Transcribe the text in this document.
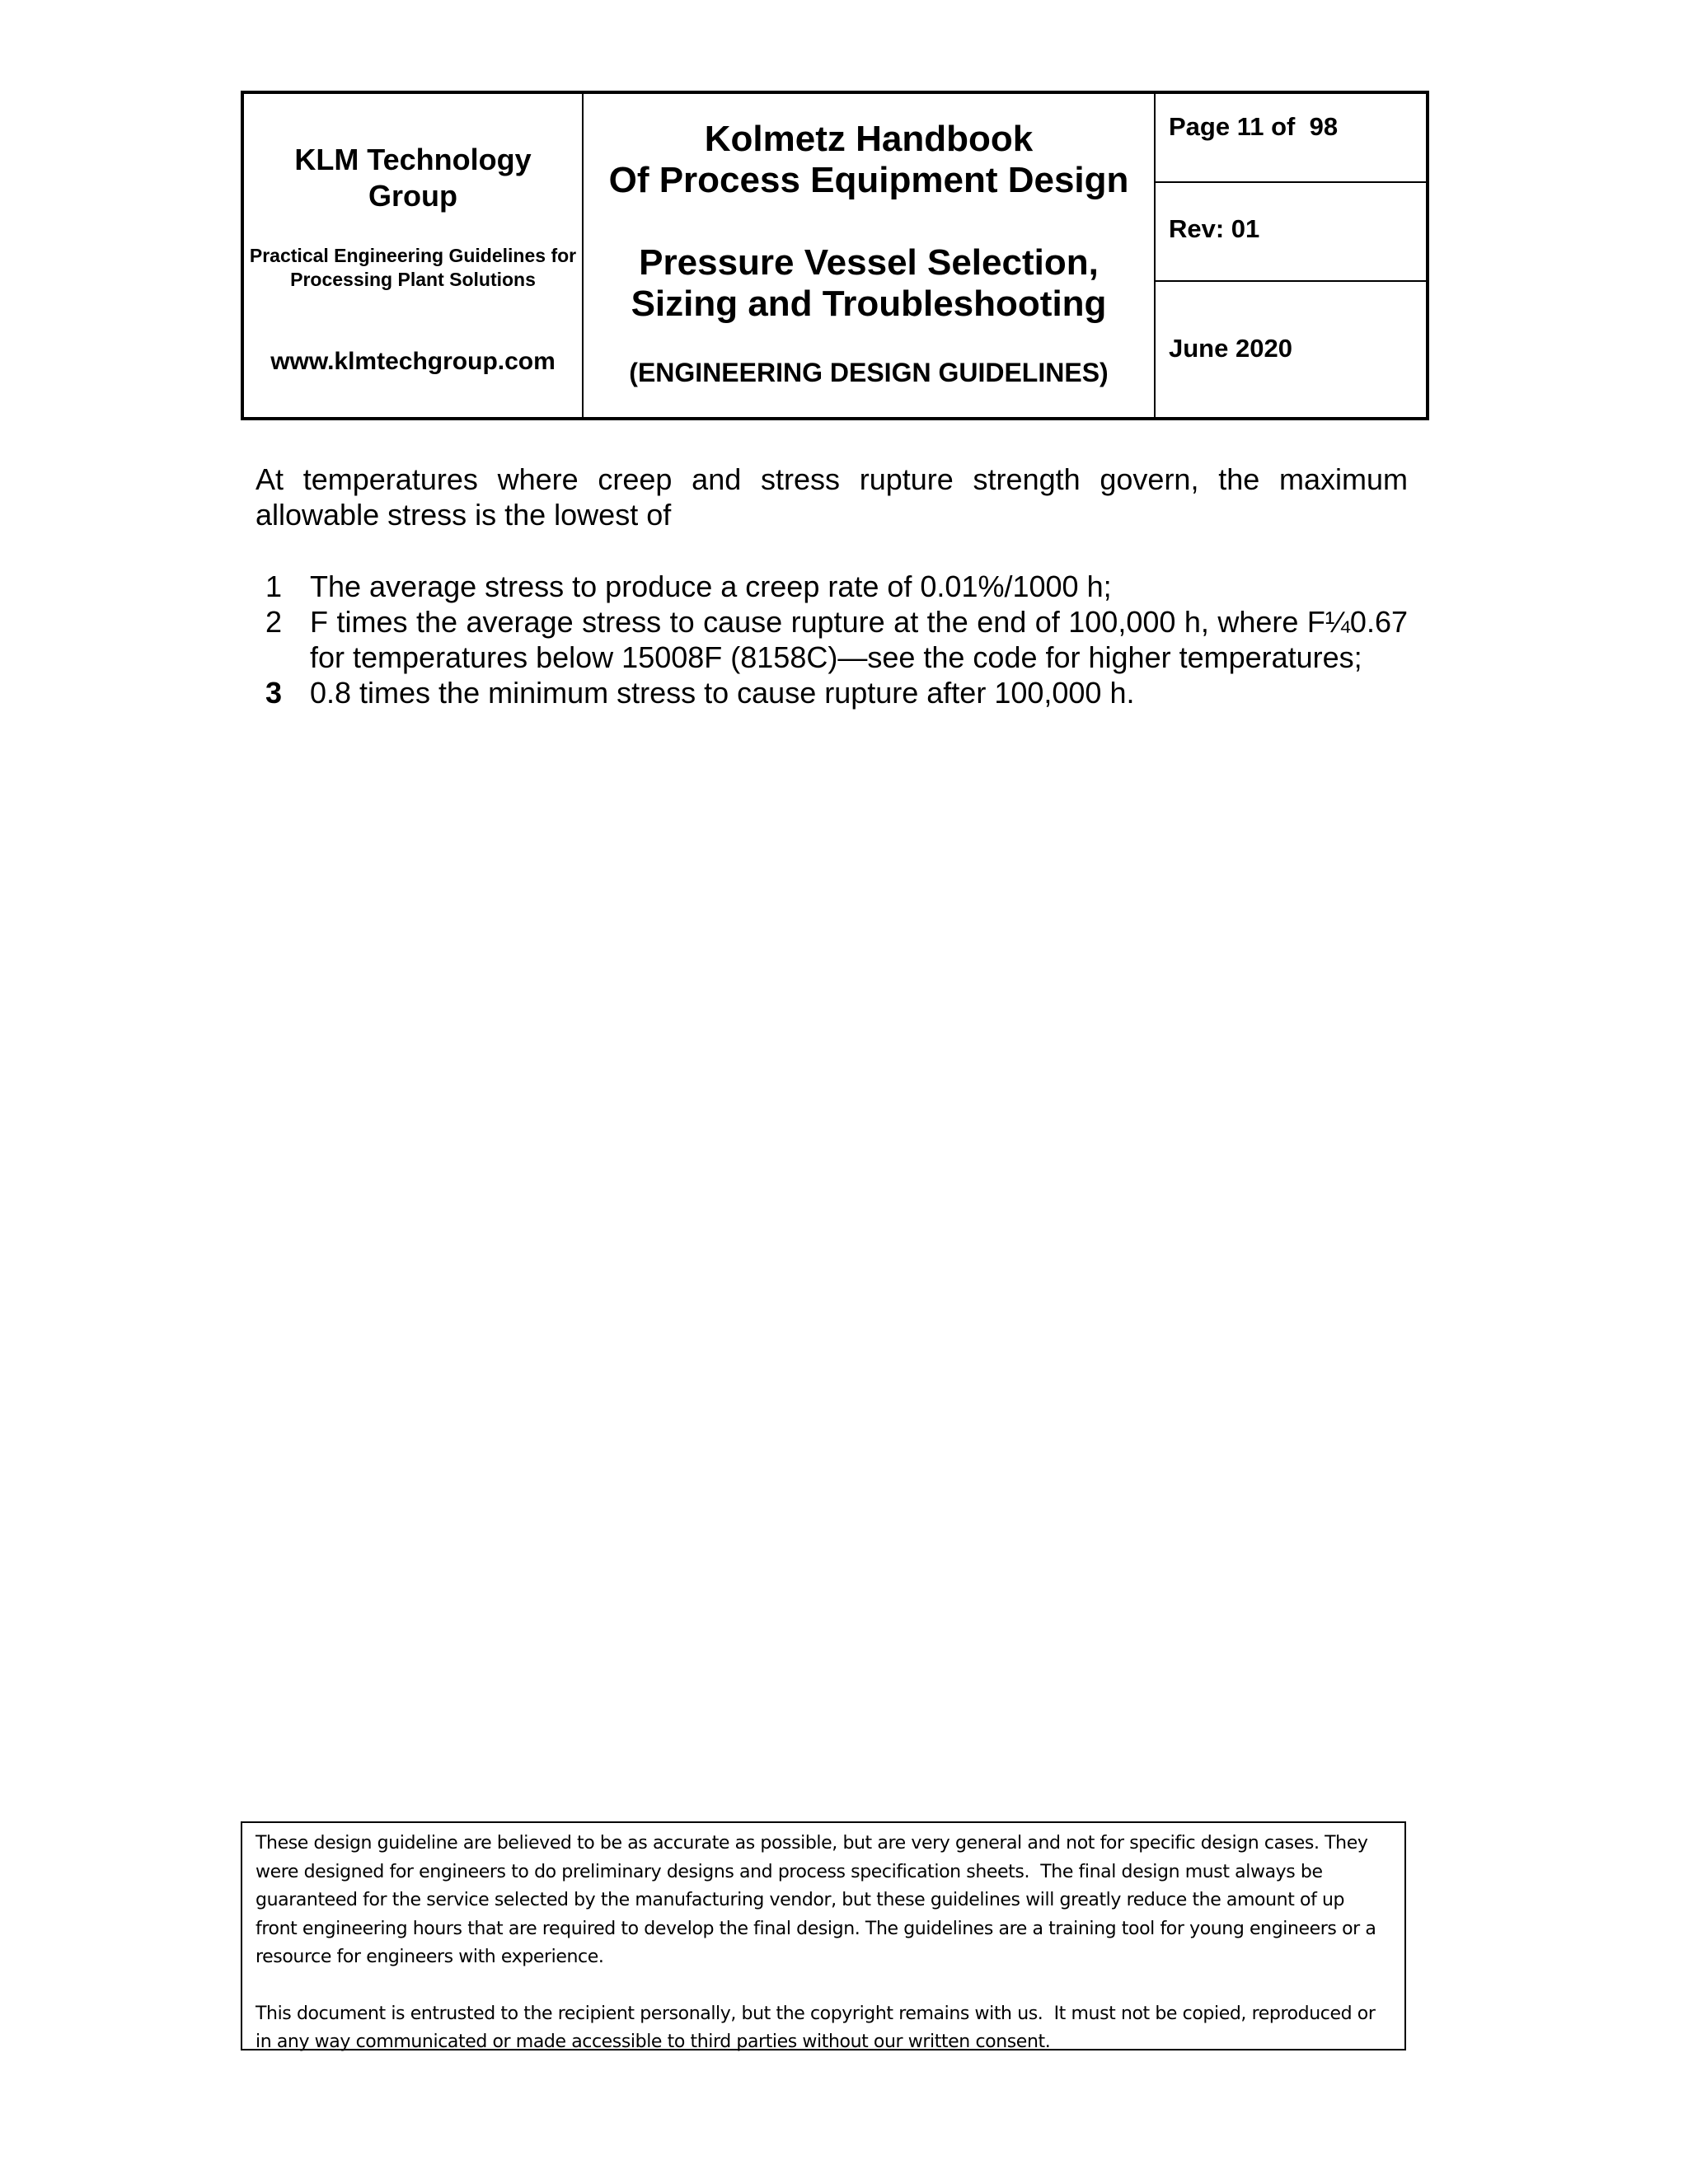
KLM Technology Group
Practical Engineering Guidelines for Processing Plant Solutions
www.klmtechgroup.com
Kolmetz Handbook
Of Process Equipment Design
Pressure Vessel Selection,
Sizing and Troubleshooting
(ENGINEERING DESIGN GUIDELINES)
Page 11 of  98
Rev: 01
June 2020

At temperatures where creep and stress rupture strength govern, the maximum allowable stress is the lowest of

1 The average stress to produce a creep rate of 0.01%/1000 h;
2 F times the average stress to cause rupture at the end of 100,000 h, where F¼0.67 for temperatures below 15008F (8158C)—see the code for higher temperatures;
3 0.8 times the minimum stress to cause rupture after 100,000 h.

These design guideline are believed to be as accurate as possible, but are very general and not for specific design cases. They were designed for engineers to do preliminary designs and process specification sheets.  The final design must always be guaranteed for the service selected by the manufacturing vendor, but these guidelines will greatly reduce the amount of up front engineering hours that are required to develop the final design. The guidelines are a training tool for young engineers or a resource for engineers with experience.

This document is entrusted to the recipient personally, but the copyright remains with us.  It must not be copied, reproduced or in any way communicated or made accessible to third parties without our written consent.
